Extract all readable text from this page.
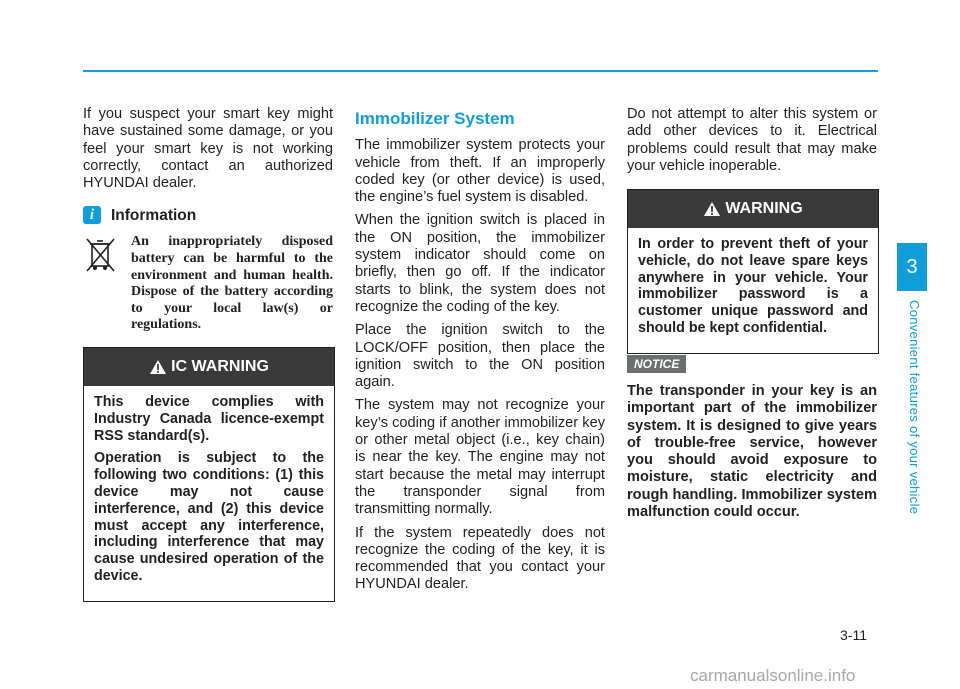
If you suspect your smart key might have sustained some damage, or you feel your smart key is not working correctly, contact an authorized HYUNDAI dealer.

i	Information
An inappropriately disposed battery can be harmful to the environment and human health. Dispose of the battery according to your local law(s) or regulations.
IC WARNING

This device complies with Industry Canada licence-exempt RSS standard(s).

Operation is subject to the following two conditions: (1) this device may not cause interference, and (2) this device must accept any interference, including interference that may cause undesired operation of the device.

Immobilizer System

The immobilizer system protects your vehicle from theft. If an improperly coded key (or other device) is used, the engine’s fuel system is disabled.

When the ignition switch is placed in the ON position, the immobilizer system indicator should come on briefly, then go off. If the indicator starts to blink, the system does not recognize the coding of the key.

Place the ignition switch to the LOCK/OFF position, then place the ignition switch to the ON position again.

The system may not recognize your key’s coding if another immobilizer key or other metal object (i.e., key chain) is near the key. The engine may not start because the metal may interrupt the transponder signal from transmitting normally.

If the system repeatedly does not recognize the coding of the key, it is recommended that you contact your HYUNDAI dealer.

Do not attempt to alter this system or add other devices to it. Electrical problems could result that may make your vehicle inoperable.

WARNING

In order to prevent theft of your vehicle, do not leave spare keys anywhere in your vehicle. Your immobilizer password is a customer unique password and should be kept confidential.

NOTICE
The transponder in your key is an important part of the immobilizer system. It is designed to give years of trouble-free service, however you should avoid exposure to moisture, static electricity and rough handling. Immobilizer system malfunction could occur.
3
Convenient features of your vehicle
3-11
carmanualsonline.info
